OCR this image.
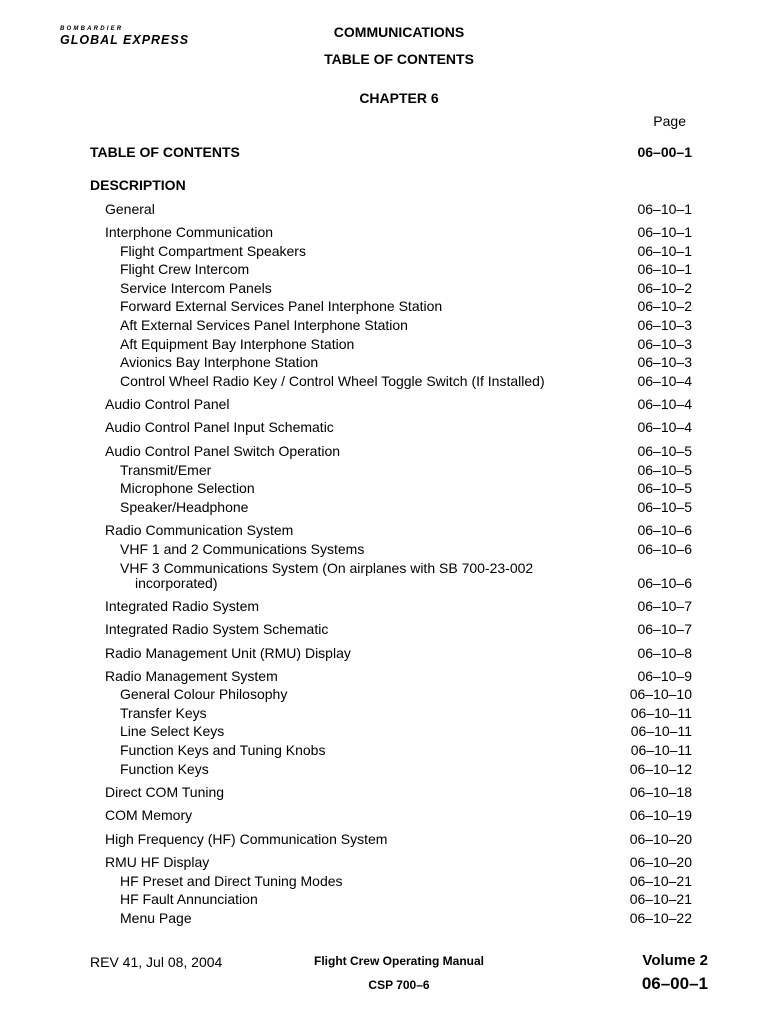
BOMBARDIER
GLOBAL EXPRESS	COMMUNICATIONS
TABLE OF CONTENTS
CHAPTER 6
Page
TABLE OF CONTENTS	06–00–1
DESCRIPTION
General	06–10–1
Interphone Communication	06–10–1
Flight Compartment Speakers	06–10–1
Flight Crew Intercom	06–10–1
Service Intercom Panels	06–10–2
Forward External Services Panel Interphone Station	06–10–2
Aft External Services Panel Interphone Station	06–10–3
Aft Equipment Bay Interphone Station	06–10–3
Avionics Bay Interphone Station	06–10–3
Control Wheel Radio Key / Control Wheel Toggle Switch (If Installed)	06–10–4
Audio Control Panel	06–10–4
Audio Control Panel Input Schematic	06–10–4
Audio Control Panel Switch Operation	06–10–5
Transmit/Emer	06–10–5
Microphone Selection	06–10–5
Speaker/Headphone	06–10–5
Radio Communication System	06–10–6
VHF 1 and 2 Communications Systems	06–10–6
VHF 3 Communications System (On airplanes with SB 700-23-002
incorporated)	06–10–6
Integrated Radio System	06–10–7
Integrated Radio System Schematic	06–10–7
Radio Management Unit (RMU) Display	06–10–8
Radio Management System	06–10–9
General Colour Philosophy	06–10–10
Transfer Keys	06–10–11
Line Select Keys	06–10–11
Function Keys and Tuning Knobs	06–10–11
Function Keys	06–10–12
Direct COM Tuning	06–10–18
COM Memory	06–10–19
High Frequency (HF) Communication System	06–10–20
RMU HF Display	06–10–20
HF Preset and Direct Tuning Modes	06–10–21
HF Fault Annunciation	06–10–21
Menu Page	06–10–22
REV 41, Jul 08, 2004	Flight Crew Operating Manual
CSP 700–6
Volume 2
06–00–1
